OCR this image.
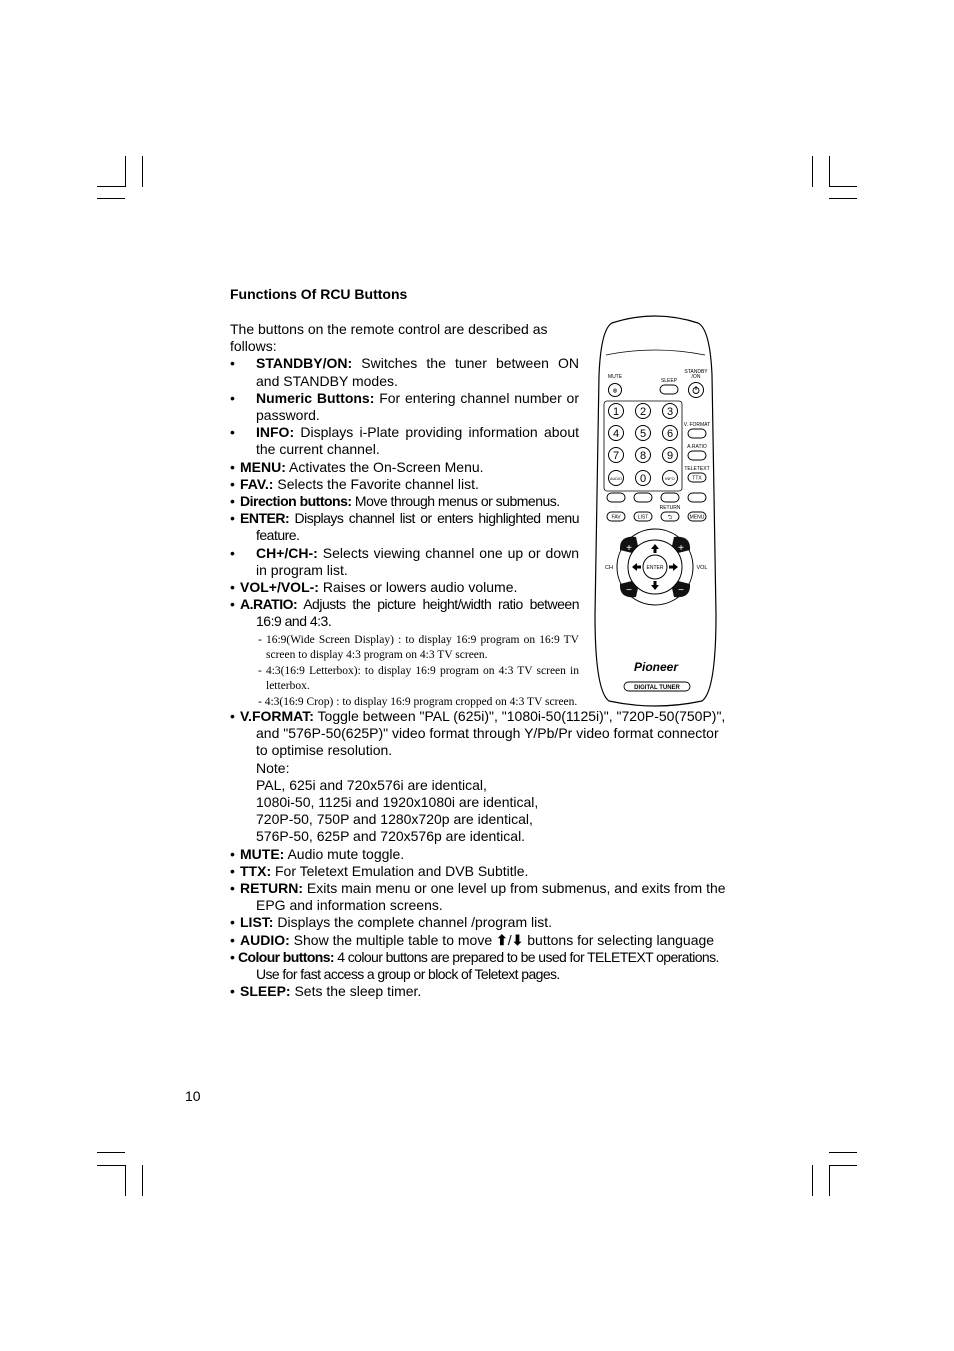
Functions Of RCU Buttons

The buttons on the remote control are described as follows:

• STANDBY/ON: Switches the tuner between ON and STANDBY modes.
• Numeric Buttons: For entering channel number or password.
• INFO: Displays i-Plate providing information about the current channel.
• MENU: Activates the On-Screen Menu.
• FAV.: Selects the Favorite channel list.
• Direction buttons: Move through menus or submenus.
• ENTER: Displays channel list or enters highlighted menu feature.
• CH+/CH-: Selects viewing channel one up or down in program list.
• VOL+/VOL-: Raises or lowers audio volume.
• A.RATIO: Adjusts the picture height/width ratio between 16:9 and 4:3.
- 16:9(Wide Screen Display) : to display 16:9 program on 16:9 TV screen to display 4:3 program on 4:3 TV screen.
- 4:3(16:9 Letterbox): to display 16:9 program on 4:3 TV screen in letterbox.
- 4:3(16:9 Crop) : to display 16:9 program cropped on 4:3 TV screen.
• V.FORMAT: Toggle between "PAL (625i)", "1080i-50(1125i)", "720P-50(750P)", and "576P-50(625P)" video format through Y/Pb/Pr video format connector to optimise resolution.
Note:
PAL, 625i and 720x576i are identical,
1080i-50, 1125i and 1920x1080i are identical,
720P-50, 750P and 1280x720p are identical,
576P-50, 625P and 720x576p are identical.
• MUTE: Audio mute toggle.
• TTX: For Teletext Emulation and DVB Subtitle.
• RETURN: Exits main menu or one level up from submenus, and exits from the EPG and information screens.
• LIST: Displays the complete channel /program list.
• AUDIO: Show the multiple table to move ⬆/⬇ buttons for selecting language
• Colour buttons: 4 colour buttons are prepared to be used for TELETEXT operations. Use for fast access a group or block of Teletext pages.
• SLEEP: Sets the sleep timer.
10
MUTE
⊗
SLEEP
STANDBY
/ON
1 2 3
4 5 6
7 8 9
AUDIO 0	INFO
V. FORMAT
A.RATIO
TELETEXT
TTX
RETURN
FAV	LIST	⮌	MENU
+
−
+
−
ENTER
CH	VOL
Pioneer
DIGITAL TUNER
